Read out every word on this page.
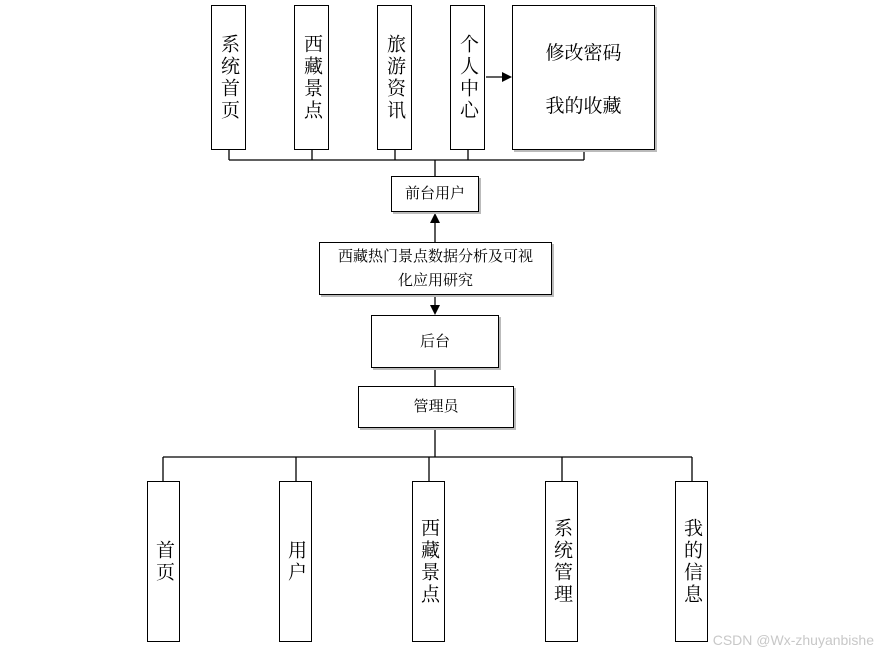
系统首页	西藏景点	旅游资讯	个人中心	修改密码
我的收藏
前台用户
西藏热门景点数据分析及可视化应用研究
后台
管理员
首页	用户	西藏景点	系统管理	我的信息
CSDN @Wx-zhuyanbishe
